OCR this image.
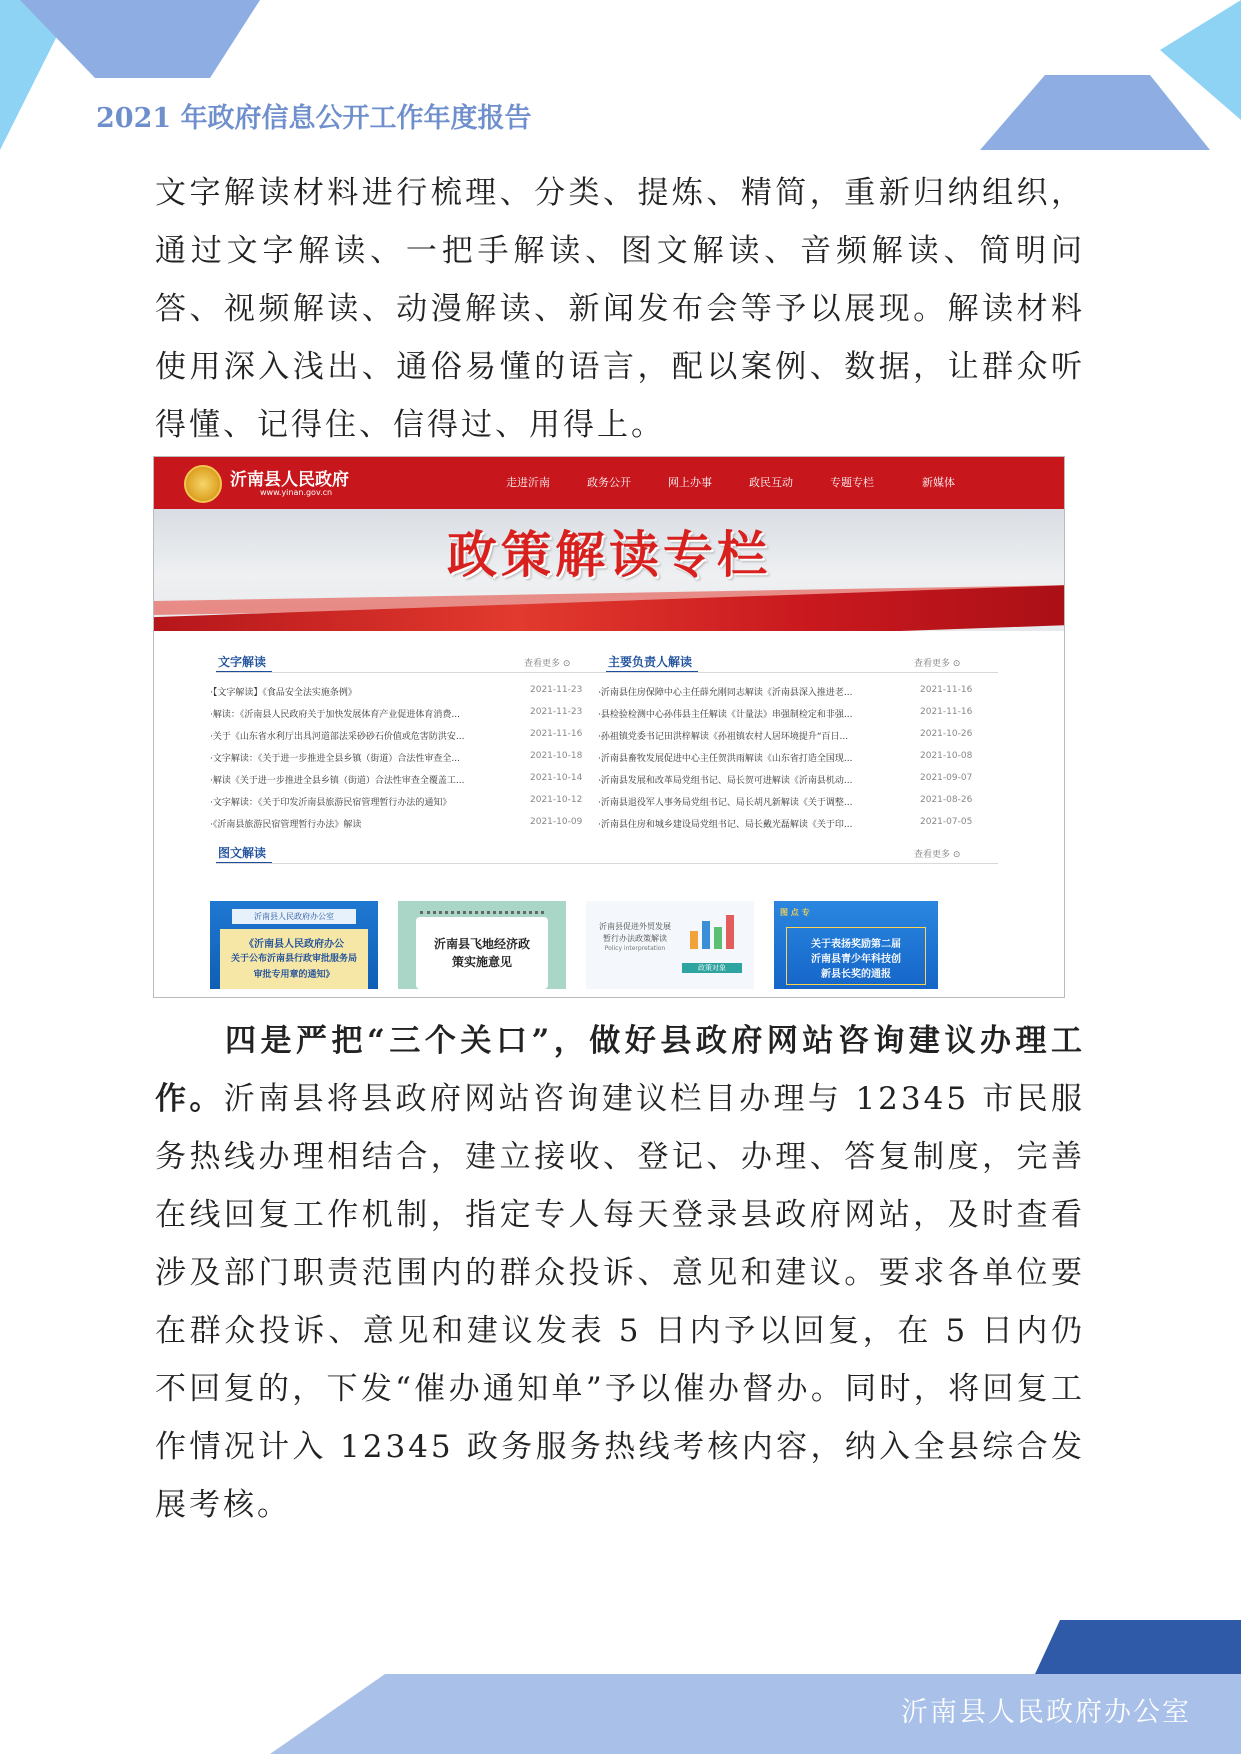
2021 年政府信息公开工作年度报告

文字解读材料进行梳理、分类、提炼、精简，重新归纳组织，通过文字解读、一把手解读、图文解读、音频解读、简明问答、视频解读、动漫解读、新闻发布会等予以展现。解读材料使用深入浅出、通俗易懂的语言，配以案例、数据，让群众听得懂、记得住、信得过、用得上。

沂南县人民政府
www.yinan.gov.cn
走进沂南	政务公开	网上办事	政民互动	专题专栏	新媒体
政策解读专栏
文字解读	查看更多 ⊙
·【文字解读】《食品安全法实施条例》	2021-11-23
·解读：《沂南县人民政府关于加快发展体育产业促进体育消费...	2021-11-23
·关于《山东省水利厅出具河道部法采砂砂石价值或危害防洪安...	2021-11-16
·文字解读：《关于进一步推进全县乡镇（街道）合法性审查全...	2021-10-18
·解读《关于进一步推进全县乡镇（街道）合法性审查全覆盖工...	2021-10-14
·文字解读：《关于印发沂南县旅游民宿管理暂行办法的通知》	2021-10-12
·《沂南县旅游民宿管理暂行办法》解读	2021-10-09
主要负责人解读	查看更多 ⊙
·沂南县住房保障中心主任薛允刚同志解读《沂南县深入推进老...	2021-11-16
·县检验检测中心孙伟县主任解读《计量法》串强制检定和非强...	2021-11-16
·孙祖镇党委书记田洪梓解读《孙祖镇农村人居环境提升“百日...	2021-10-26
·沂南县畜牧发展促进中心主任贺洪雨解读《山东省打造全国现...	2021-10-08
·沂南县发展和改革局党组书记、局长贺可进解读《沂南县机动...	2021-09-07
·沂南县退役军人事务局党组书记、局长胡凡新解读《关于调整...	2021-08-26
·沂南县住房和城乡建设局党组书记、局长戴光磊解读《关于印...	2021-07-05
图文解读	查看更多 ⊙
沂南县人民政府办公室
《沂南县人民政府办公
关于公布沂南县行政审批服务局
审批专用章的通知》
沂南县飞地经济政
策实施意见
沂南县促进外贸发展
暂行办法政策解读
Policy interpretation
政策对象
图 点 专
关于表扬奖励第二届
沂南县青少年科技创
新县长奖的通报

四是严把“三个关口”，做好县政府网站咨询建议办理工作。沂南县将县政府网站咨询建议栏目办理与 12345 市民服务热线办理相结合，建立接收、登记、办理、答复制度，完善在线回复工作机制，指定专人每天登录县政府网站，及时查看涉及部门职责范围内的群众投诉、意见和建议。要求各单位要在群众投诉、意见和建议发表 5 日内予以回复，在 5 日内仍不回复的，下发“催办通知单”予以催办督办。同时，将回复工作情况计入 12345 政务服务热线考核内容，纳入全县综合发展考核。

沂南县人民政府办公室
